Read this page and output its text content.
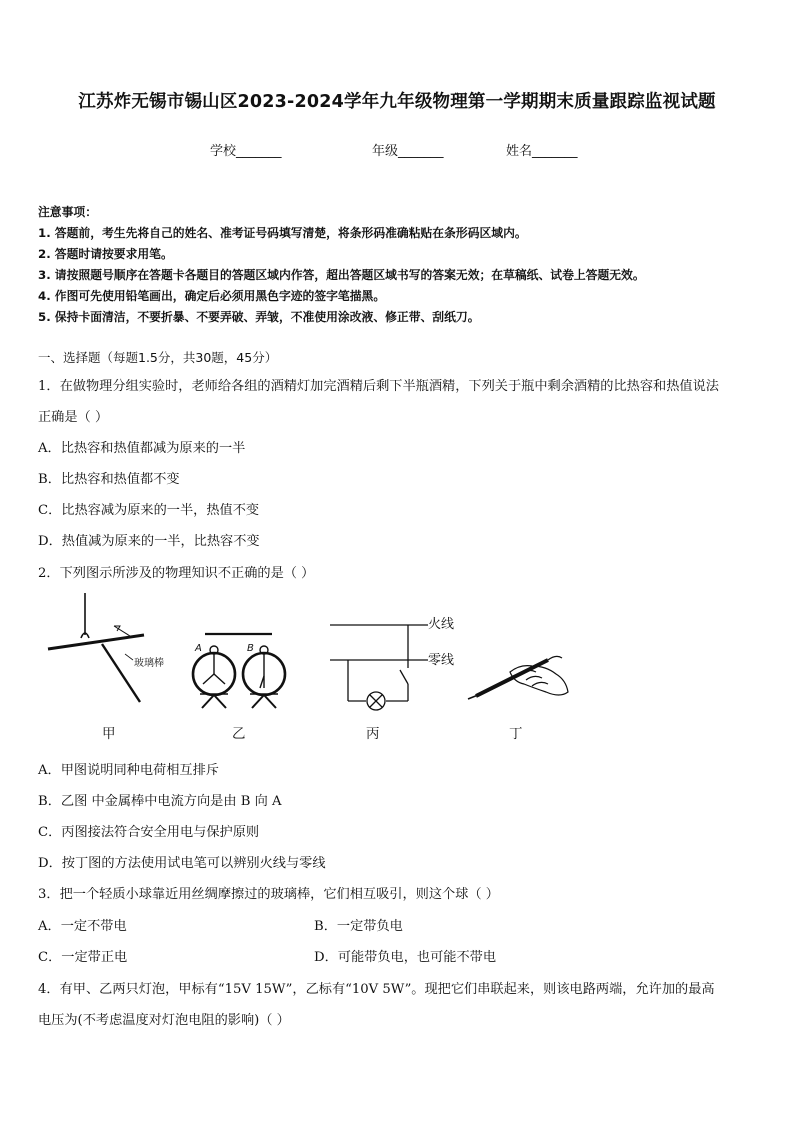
江苏炸无锡市锡山区2023-2024学年九年级物理第一学期期末质量跟踪监视试题
学校_______	年级_______	姓名_______
注意事项：
1. 答题前，考生先将自己的姓名、准考证号码填写清楚，将条形码准确粘贴在条形码区域内。
2. 答题时请按要求用笔。
3. 请按照题号顺序在答题卡各题目的答题区域内作答，超出答题区域书写的答案无效；在草稿纸、试卷上答题无效。
4. 作图可先使用铅笔画出，确定后必须用黑色字迹的签字笔描黑。
5. 保持卡面清洁，不要折暴、不要弄破、弄皱，不准使用涂改液、修正带、刮纸刀。
一、选择题（每题1.5分，共30题，45分）
1．在做物理分组实验时，老师给各组的酒精灯加完酒精后剩下半瓶酒精，下列关于瓶中剩余酒精的比热容和热值说法
正确是（ ）
A．比热容和热值都减为原来的一半
B．比热容和热值都不变
C．比热容减为原来的一半，热值不变
D．热值减为原来的一半，比热容不变
2．下列图示所涉及的物理知识不正确的是（ ）
玻璃棒
A	B
火线
零线
甲	乙	丙	丁
A．甲图说明同种电荷相互排斥
B．乙图 中金属棒中电流方向是由 B 向 A
C．丙图接法符合安全用电与保护原则
D．按丁图的方法使用试电笔可以辨别火线与零线
3．把一个轻质小球靠近用丝绸摩擦过的玻璃棒，它们相互吸引，则这个球（ ）
A．一定不带电	B．一定带负电
C．一定带正电	D．可能带负电，也可能不带电
4．有甲、乙两只灯泡，甲标有“15V 15W”，乙标有“10V 5W”。现把它们串联起来，则该电路两端，允许加的最高
电压为(不考虑温度对灯泡电阻的影响)（ ）
